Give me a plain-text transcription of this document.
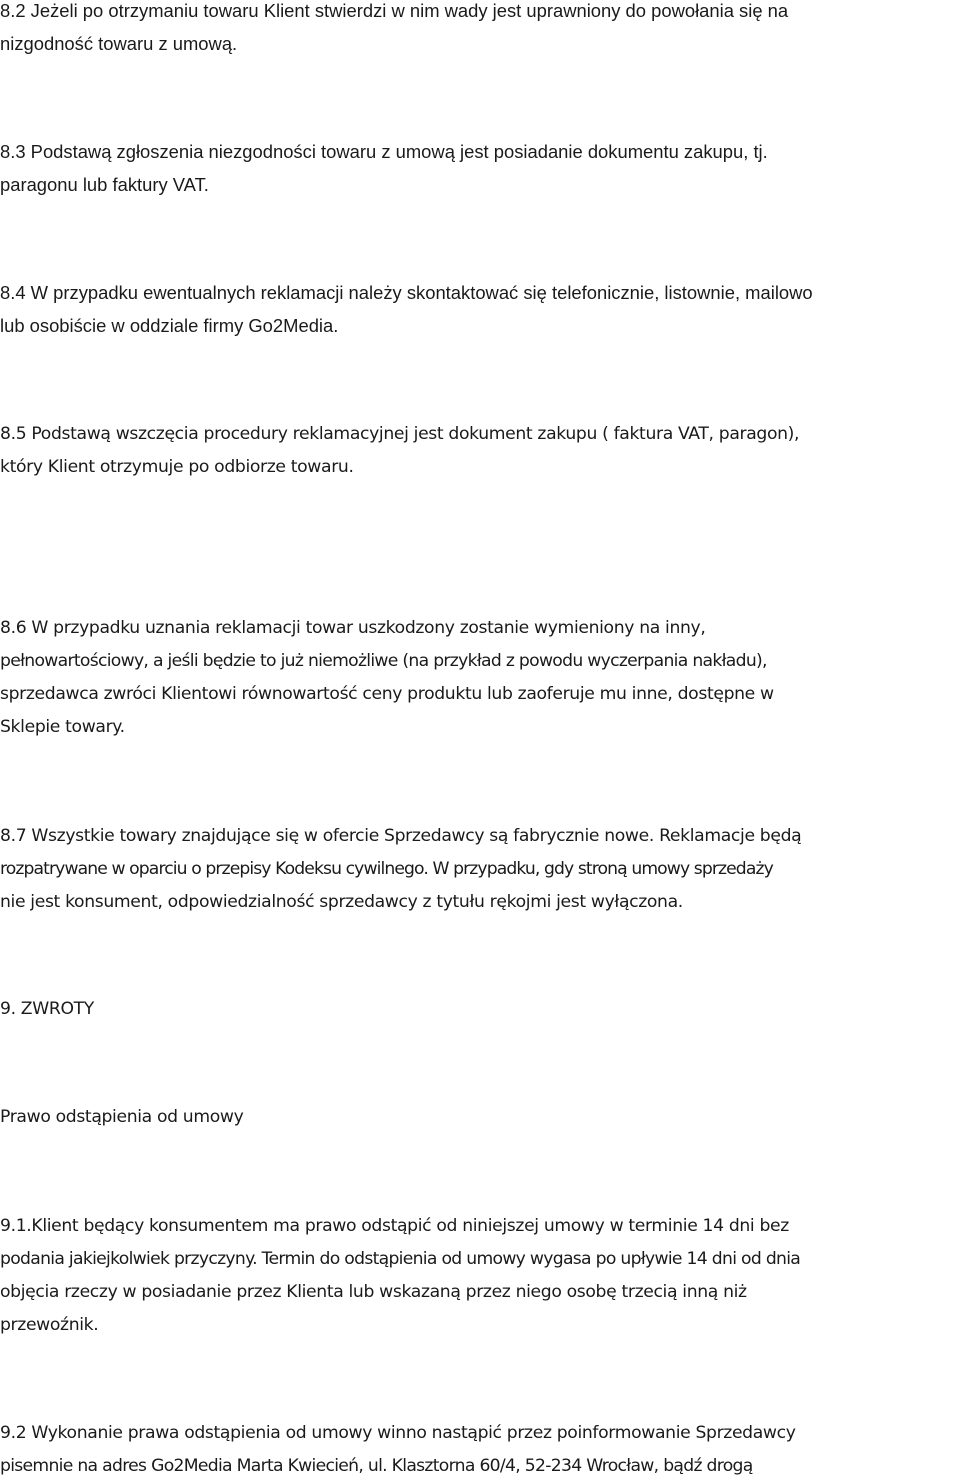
8.2 Jeżeli po otrzymaniu towaru Klient stwierdzi w nim wady jest uprawniony do powołania się na
nizgodność towaru z umową.
8.3 Podstawą zgłoszenia niezgodności towaru z umową jest posiadanie dokumentu zakupu, tj.
paragonu lub faktury VAT.
8.4 W przypadku ewentualnych reklamacji należy skontaktować się telefonicznie, listownie, mailowo
lub osobiście w oddziale firmy Go2Media.
8.5 Podstawą wszczęcia procedury reklamacyjnej jest dokument zakupu ( faktura VAT, paragon),
który Klient otrzymuje po odbiorze towaru.
8.6 W przypadku uznania reklamacji towar uszkodzony zostanie wymieniony na inny,
pełnowartościowy, a jeśli będzie to już niemożliwe (na przykład z powodu wyczerpania nakładu),
sprzedawca zwróci Klientowi równowartość ceny produktu lub zaoferuje mu inne, dostępne w
Sklepie towary.
8.7 Wszystkie towary znajdujące się w ofercie Sprzedawcy są fabrycznie nowe. Reklamacje będą
rozpatrywane w oparciu o przepisy Kodeksu cywilnego. W przypadku, gdy stroną umowy sprzedaży
nie jest konsument, odpowiedzialność sprzedawcy z tytułu rękojmi jest wyłączona.
9. ZWROTY
Prawo odstąpienia od umowy
9.1.Klient będący konsumentem ma prawo odstąpić od niniejszej umowy w terminie 14 dni bez
podania jakiejkolwiek przyczyny. Termin do odstąpienia od umowy wygasa po upływie 14 dni od dnia
objęcia rzeczy w posiadanie przez Klienta lub wskazaną przez niego osobę trzecią inną niż
przewoźnik.
9.2 Wykonanie prawa odstąpienia od umowy winno nastąpić przez poinformowanie Sprzedawcy
pisemnie na adres Go2Media Marta Kwiecień, ul. Klasztorna 60/4, 52-234 Wrocław, bądź drogą
